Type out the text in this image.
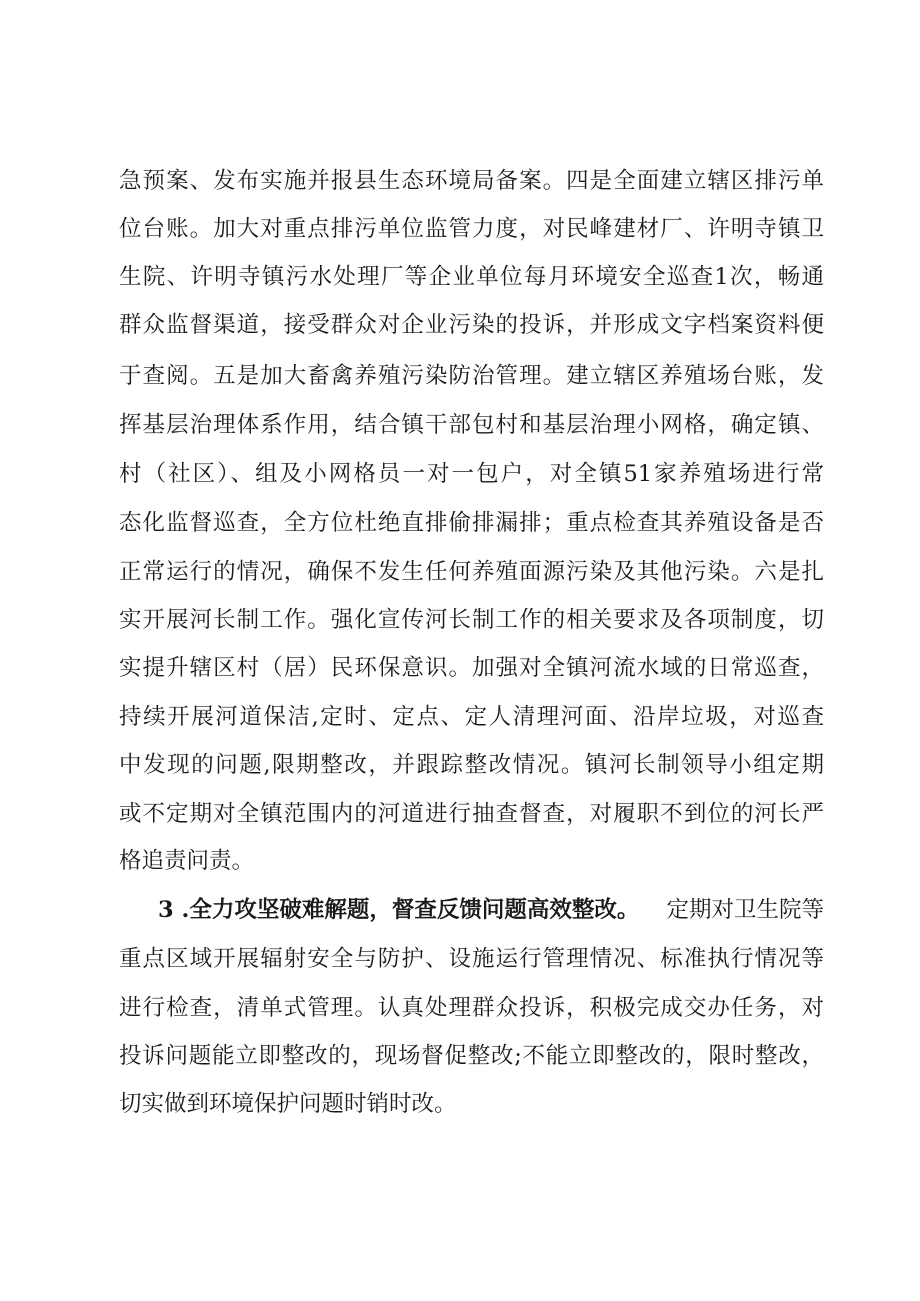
急预案、发布实施并报县生态环境局备案。四是全面建立辖区排污单
位台账。加大对重点排污单位监管力度，对民峰建材厂、许明寺镇卫
生院、许明寺镇污水处理厂等企业单位每月环境安全巡查1次，畅通
群众监督渠道，接受群众对企业污染的投诉，并形成文字档案资料便
于查阅。五是加大畜禽养殖污染防治管理。建立辖区养殖场台账，发
挥基层治理体系作用，结合镇干部包村和基层治理小网格，确定镇、
村（社区）、组及小网格员一对一包户，对全镇51家养殖场进行常
态化监督巡查，全方位杜绝直排偷排漏排；重点检查其养殖设备是否
正常运行的情况，确保不发生任何养殖面源污染及其他污染。六是扎
实开展河长制工作。强化宣传河长制工作的相关要求及各项制度，切
实提升辖区村（居）民环保意识。加强对全镇河流水域的日常巡查，
持续开展河道保洁,定时、定点、定人清理河面、沿岸垃圾，对巡查
中发现的问题,限期整改，并跟踪整改情况。镇河长制领导小组定期
或不定期对全镇范围内的河道进行抽查督查，对履职不到位的河长严
格追责问责。
3 .全力攻坚破难解题，督查反馈问题高效整改。 定期对卫生院等
重点区域开展辐射安全与防护、设施运行管理情况、标准执行情况等
进行检查，清单式管理。认真处理群众投诉，积极完成交办任务，对
投诉问题能立即整改的，现场督促整改;不能立即整改的，限时整改，
切实做到环境保护问题时销时改。
